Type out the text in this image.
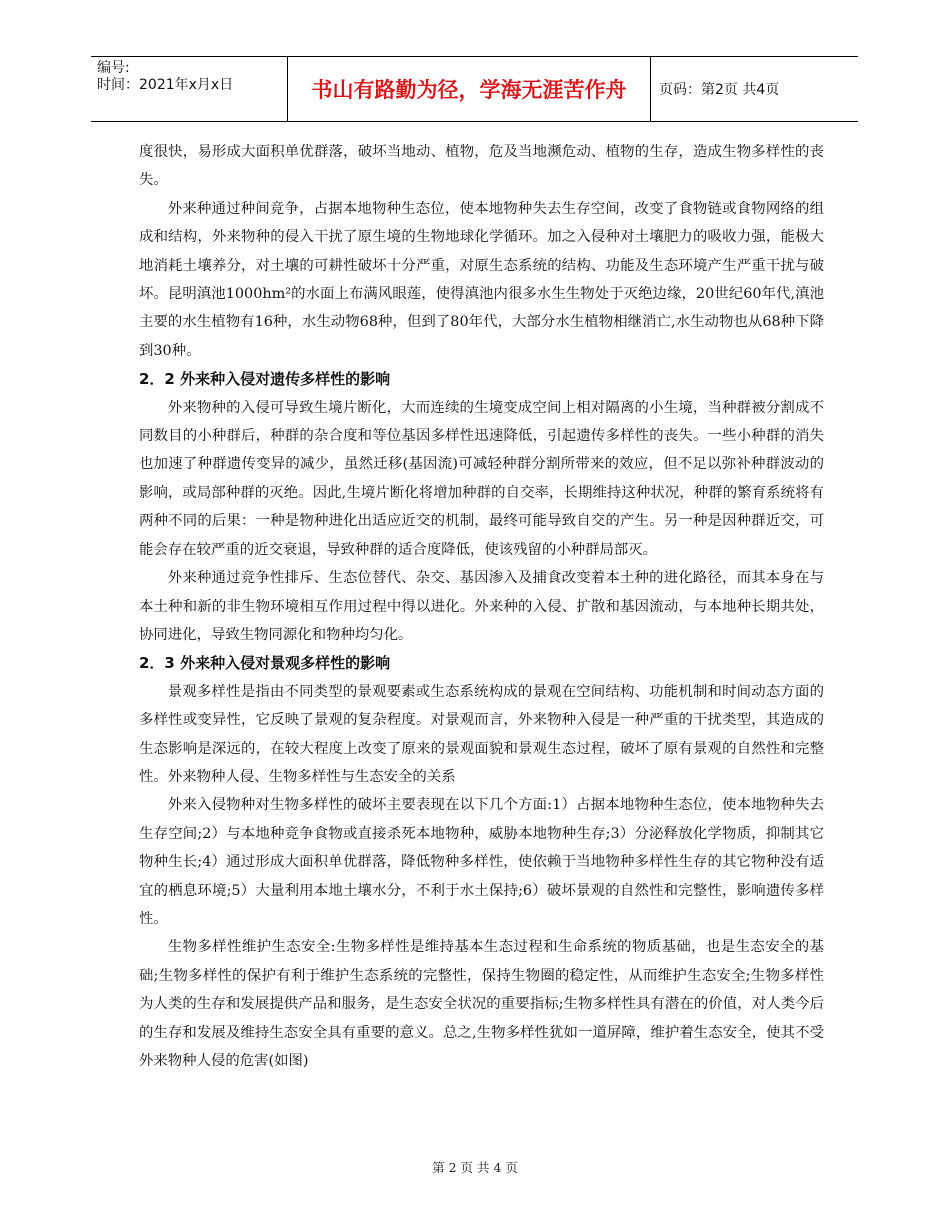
编号:
时间：2021年x月x日	书山有路勤为径，学海无涯苦作舟	页码：第2页 共4页

度很快，易形成大面积单优群落，破坏当地动、植物，危及当地濒危动、植物的生存，造成生物多样性的丧失。

外来种通过种间竞争，占据本地物种生态位，使本地物种失去生存空间，改变了食物链或食物网络的组成和结构，外来物种的侵入干扰了原生境的生物地球化学循环。加之入侵种对土壤肥力的吸收力强，能极大地消耗土壤养分，对土壤的可耕性破坏十分严重，对原生态系统的结构、功能及生态环境产生严重干扰与破坏。昆明滇池1000hm²的水面上布满风眼莲，使得滇池内很多水生生物处于灭绝边缘，20世纪60年代,滇池主要的水生植物有16种，水生动物68种，但到了80年代，大部分水生植物相继消亡,水生动物也从68种下降到30种。

2．2 外来种入侵对遗传多样性的影响

外来物种的入侵可导致生境片断化，大而连续的生境变成空间上相对隔离的小生境，当种群被分割成不同数目的小种群后，种群的杂合度和等位基因多样性迅速降低，引起遗传多样性的丧失。一些小种群的消失也加速了种群遗传变异的减少，虽然迁移(基因流)可减轻种群分割所带来的效应，但不足以弥补种群波动的影响，或局部种群的灭绝。因此,生境片断化将增加种群的自交率，长期维持这种状况，种群的繁育系统将有两种不同的后果：一种是物种进化出适应近交的机制，最终可能导致自交的产生。另一种是因种群近交，可能会存在较严重的近交衰退，导致种群的适合度降低，使该残留的小种群局部灭。

外来种通过竞争性排斥、生态位替代、杂交、基因渗入及捕食改变着本土种的进化路径，而其本身在与本土种和新的非生物环境相互作用过程中得以进化。外来种的入侵、扩散和基因流动，与本地种长期共处，协同进化，导致生物同源化和物种均匀化。

2．3 外来种入侵对景观多样性的影响

景观多样性是指由不同类型的景观要素或生态系统构成的景观在空间结构、功能机制和时间动态方面的多样性或变异性，它反映了景观的复杂程度。对景观而言，外来物种入侵是一种严重的干扰类型，其造成的生态影响是深远的，在较大程度上改变了原来的景观面貌和景观生态过程，破坏了原有景观的自然性和完整性。外来物种人侵、生物多样性与生态安全的关系

外来入侵物种对生物多样性的破坏主要表现在以下几个方面:1）占据本地物种生态位，使本地物种失去生存空间;2）与本地种竞争食物或直接杀死本地物种，威胁本地物种生存;3）分泌释放化学物质，抑制其它物种生长;4）通过形成大面积单优群落，降低物种多样性，使依赖于当地物种多样性生存的其它物种没有适宜的栖息环境;5）大量利用本地土壤水分，不利于水土保持;6）破坏景观的自然性和完整性，影响遗传多样性。

生物多样性维护生态安全:生物多样性是维持基本生态过程和生命系统的物质基础，也是生态安全的基础;生物多样性的保护有利于维护生态系统的完整性，保持生物圈的稳定性，从而维护生态安全;生物多样性为人类的生存和发展提供产品和服务，是生态安全状况的重要指标;生物多样性具有潜在的价值，对人类今后的生存和发展及维持生态安全具有重要的意义。总之,生物多样性犹如一道屏障，维护着生态安全，使其不受外来物种人侵的危害(如图)

第 2 页 共 4 页
